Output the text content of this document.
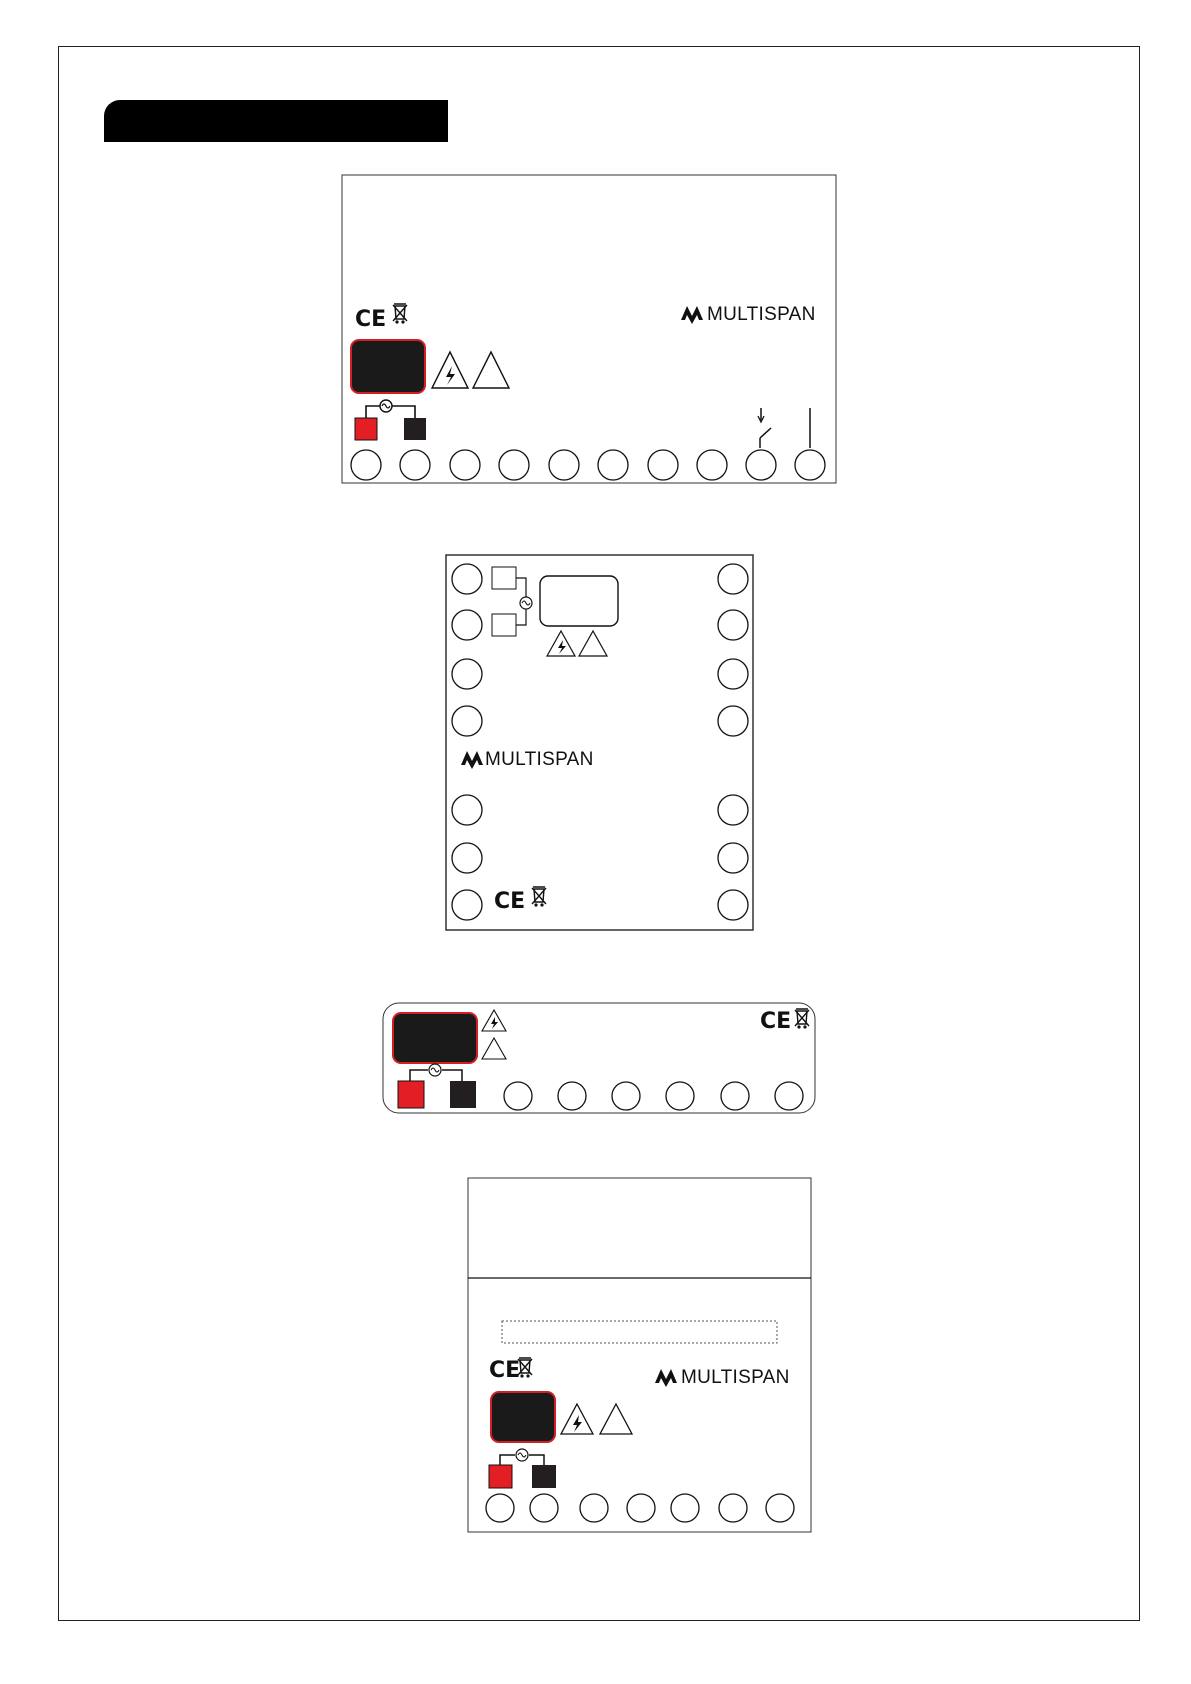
CE	MULTISPAN
MULTISPAN
CE
CE
CE	MULTISPAN
